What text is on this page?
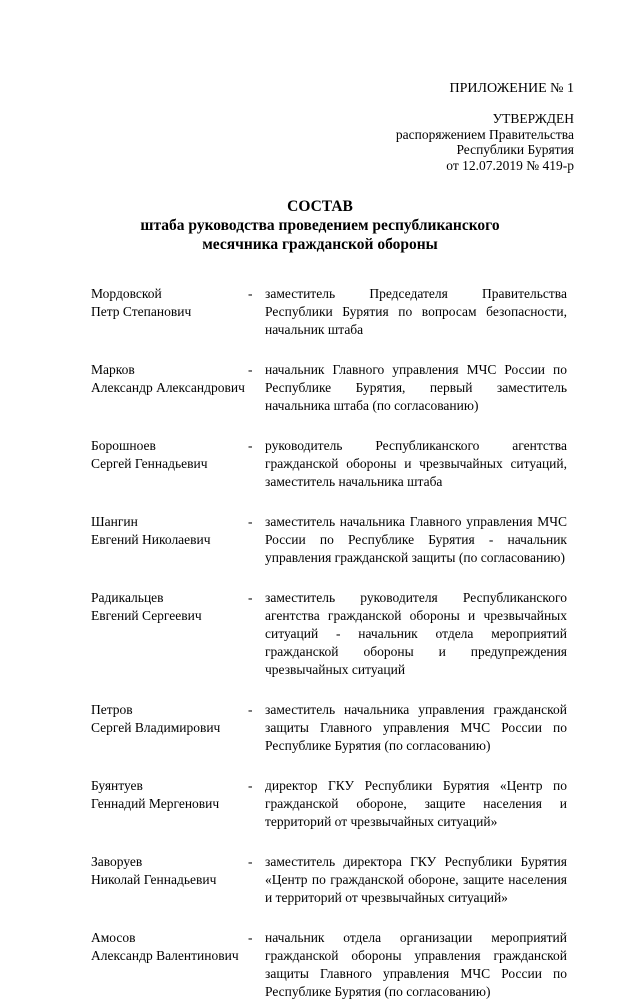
ПРИЛОЖЕНИЕ № 1
УТВЕРЖДЕН
распоряжением Правительства
Республики Бурятия
от 12.07.2019 № 419-р
СОСТАВ
штаба руководства проведением республиканского
месячника гражданской обороны
Мордовской
Петр Степанович
- заместитель Председателя Правительства Республики Бурятия по вопросам безопасности, начальник штаба
Марков
Александр Александрович
- начальник Главного управления МЧС России по Республике Бурятия, первый заместитель начальника штаба (по согласованию)
Борошноев
Сергей Геннадьевич
- руководитель Республиканского агентства гражданской обороны и чрезвычайных ситуаций, заместитель начальника штаба
Шангин
Евгений Николаевич
- заместитель начальника Главного управления МЧС России по Республике Бурятия - начальник управления гражданской защиты (по согласованию)
Радикальцев
Евгений Сергеевич
- заместитель руководителя Республиканского агентства гражданской обороны и чрезвычайных ситуаций - начальник отдела мероприятий гражданской обороны и предупреждения чрезвычайных ситуаций
Петров
Сергей Владимирович
- заместитель начальника управления гражданской защиты Главного управления МЧС России по Республике Бурятия (по согласованию)
Буянтуев
Геннадий Мергенович
- директор ГКУ Республики Бурятия «Центр по гражданской обороне, защите населения и территорий от чрезвычайных ситуаций»
Заворуев
Николай Геннадьевич
- заместитель директора ГКУ Республики Бурятия «Центр по гражданской обороне, защите населения и территорий от чрезвычайных ситуаций»
Амосов
Александр Валентинович
- начальник отдела организации мероприятий гражданской обороны управления гражданской защиты Главного управления МЧС России по Республике Бурятия (по согласованию)
